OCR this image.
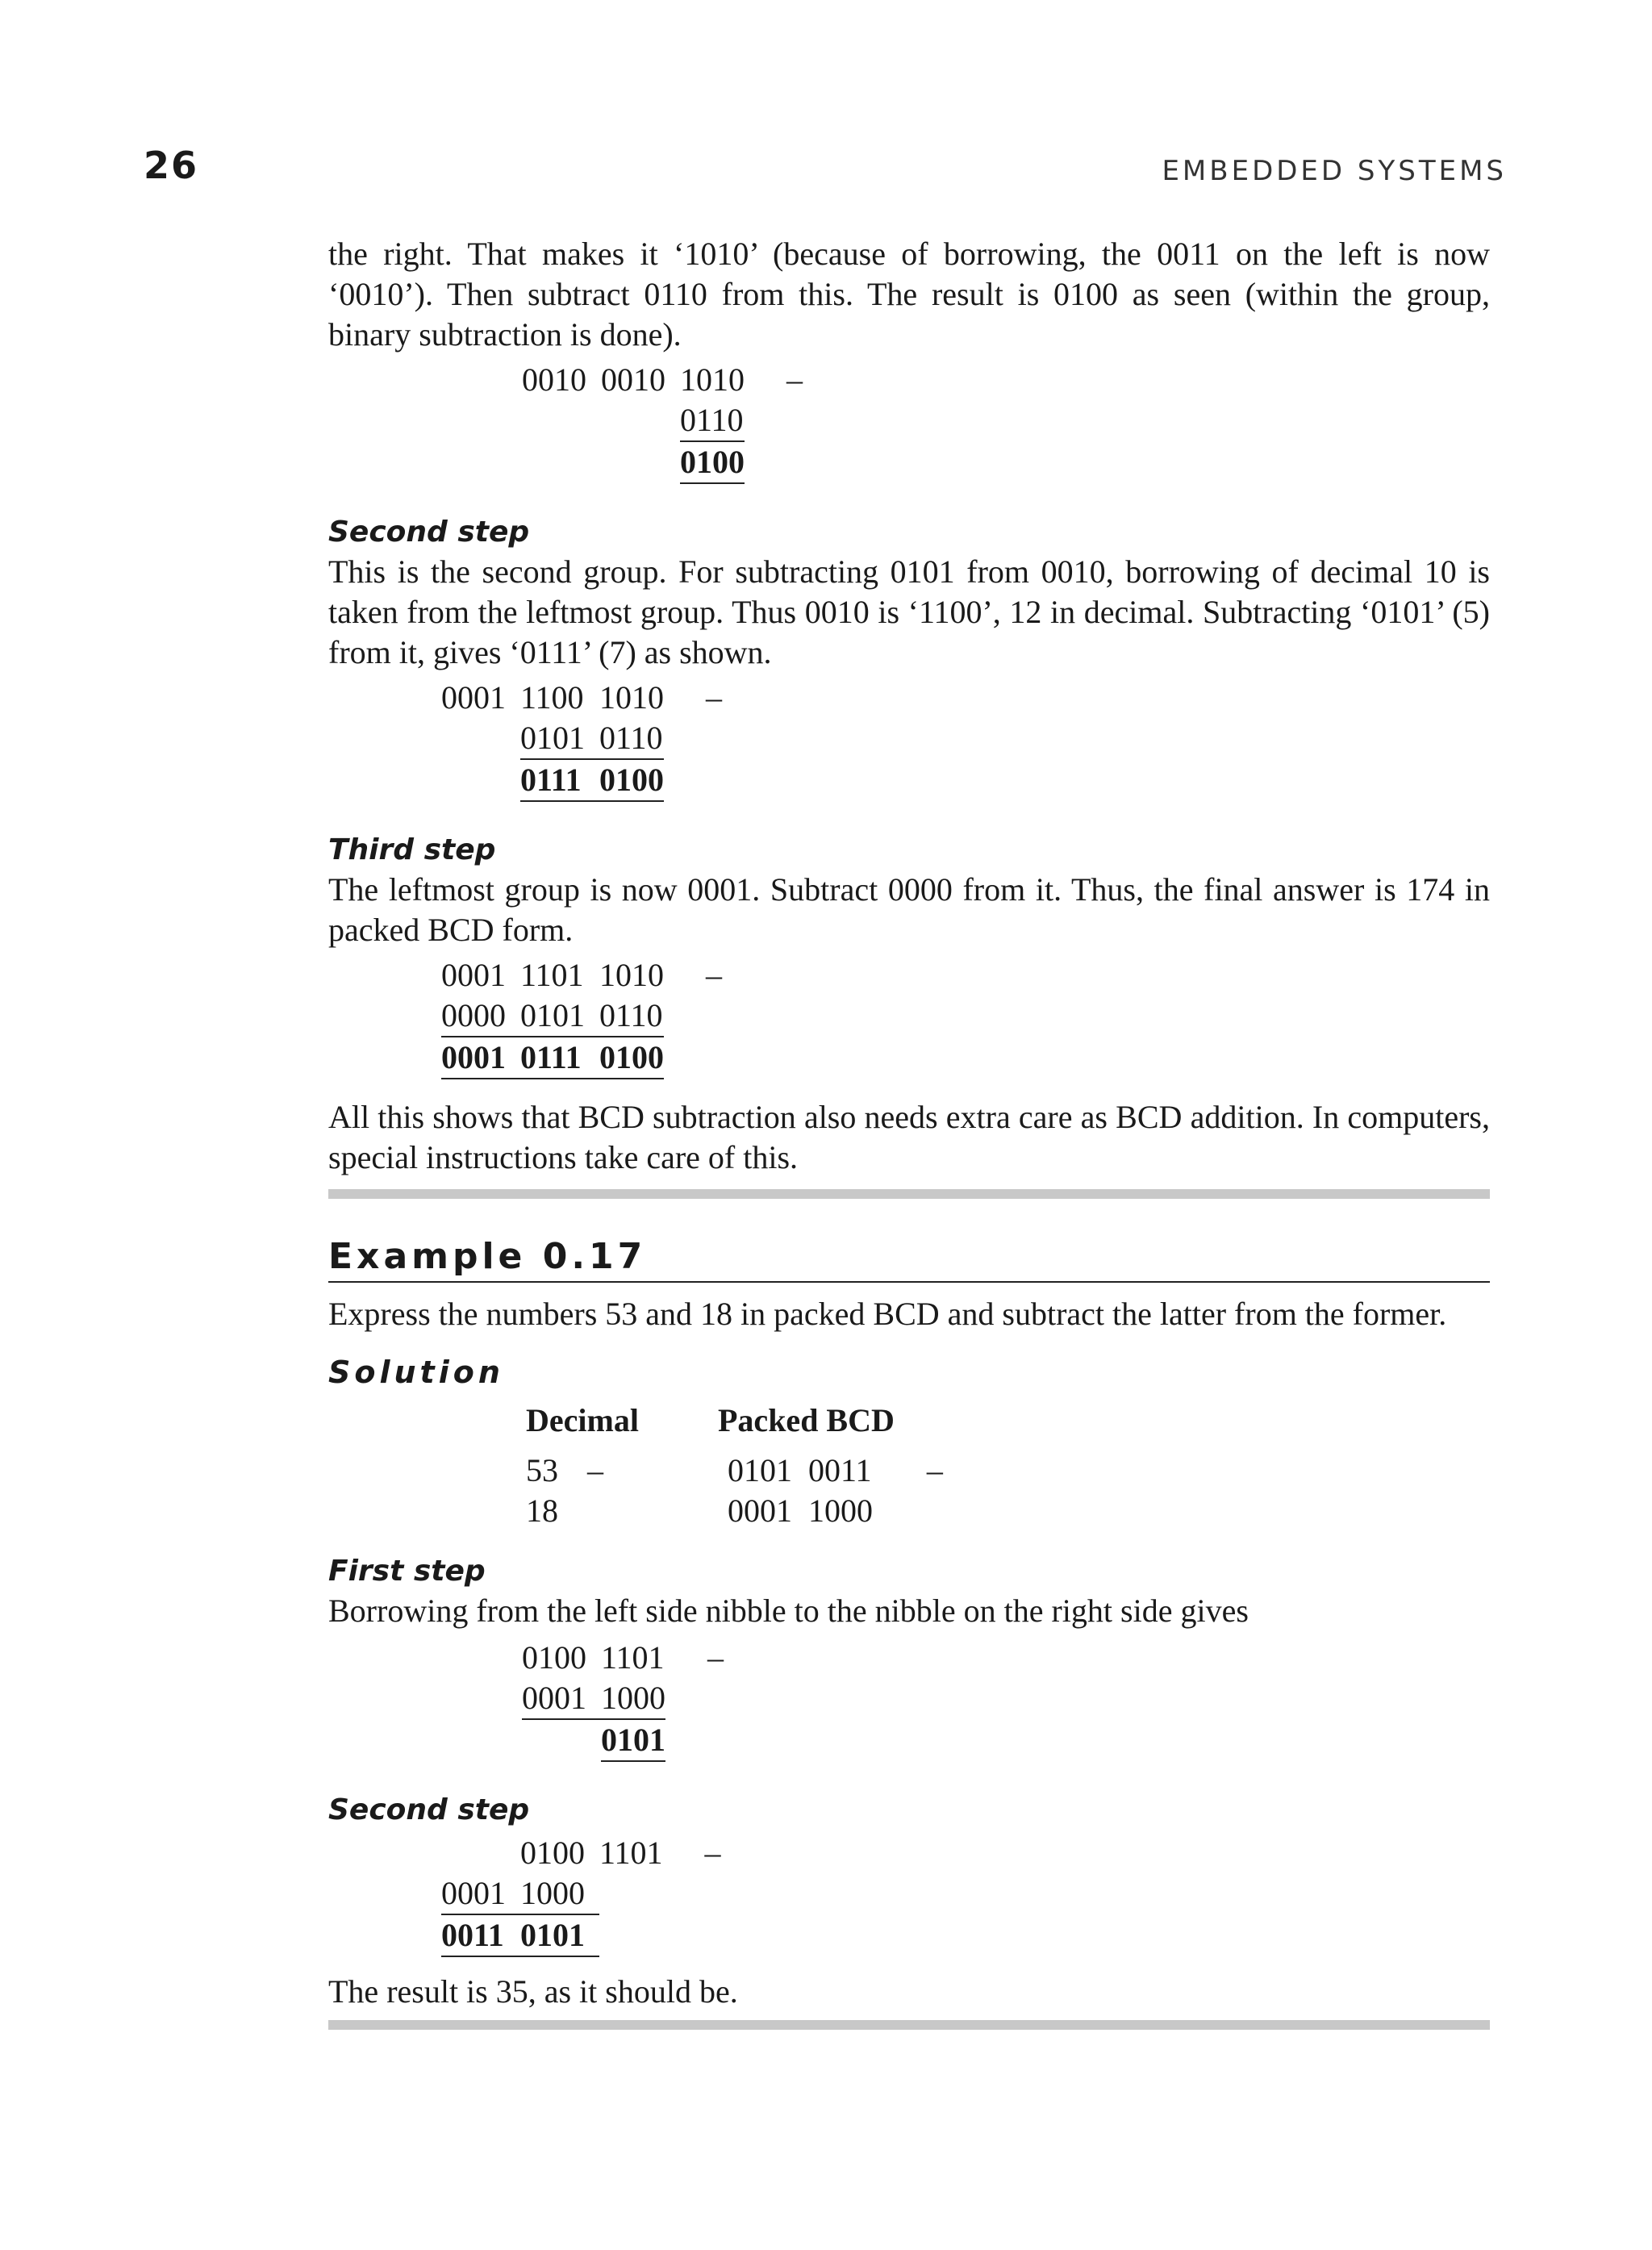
26	EMBEDDED SYSTEMS

the right. That makes it ‘1010’ (because of borrowing, the 0011 on the left is now ‘0010’). Then subtract 0110 from this. The result is 0100 as seen (within the group, binary subtraction is done).

0010	0010	1010	–
		0110	
		0100	
Second step

This is the second group. For subtracting 0101 from 0010, borrowing of decimal 10 is taken from the leftmost group. Thus 0010 is ‘1100’, 12 in decimal. Subtracting ‘0101’ (5) from it, gives ‘0111’ (7) as shown.

0001	1100	1010	–
	0101	0110	
	0111	0100	
Third step

The leftmost group is now 0001. Subtract 0000 from it. Thus, the final answer is 174 in packed BCD form.

0001	1101	1010	–
0000	0101	0110	
0001	0111	0100	

All this shows that BCD subtraction also needs extra care as BCD addition. In computers, special instructions take care of this.

Example 0.17

Express the numbers 53 and 18 in packed BCD and subtract the latter from the former.

Solution
Decimal	Packed BCD	
53 –	0101  0011	–
18	0001  1000	
First step

Borrowing from the left side nibble to the nibble on the right side gives

0100	1101	–
0001	1000	
	0101	
Second step
	0100	1101	–
0001	1000		
0011	0101		

The result is 35, as it should be.
